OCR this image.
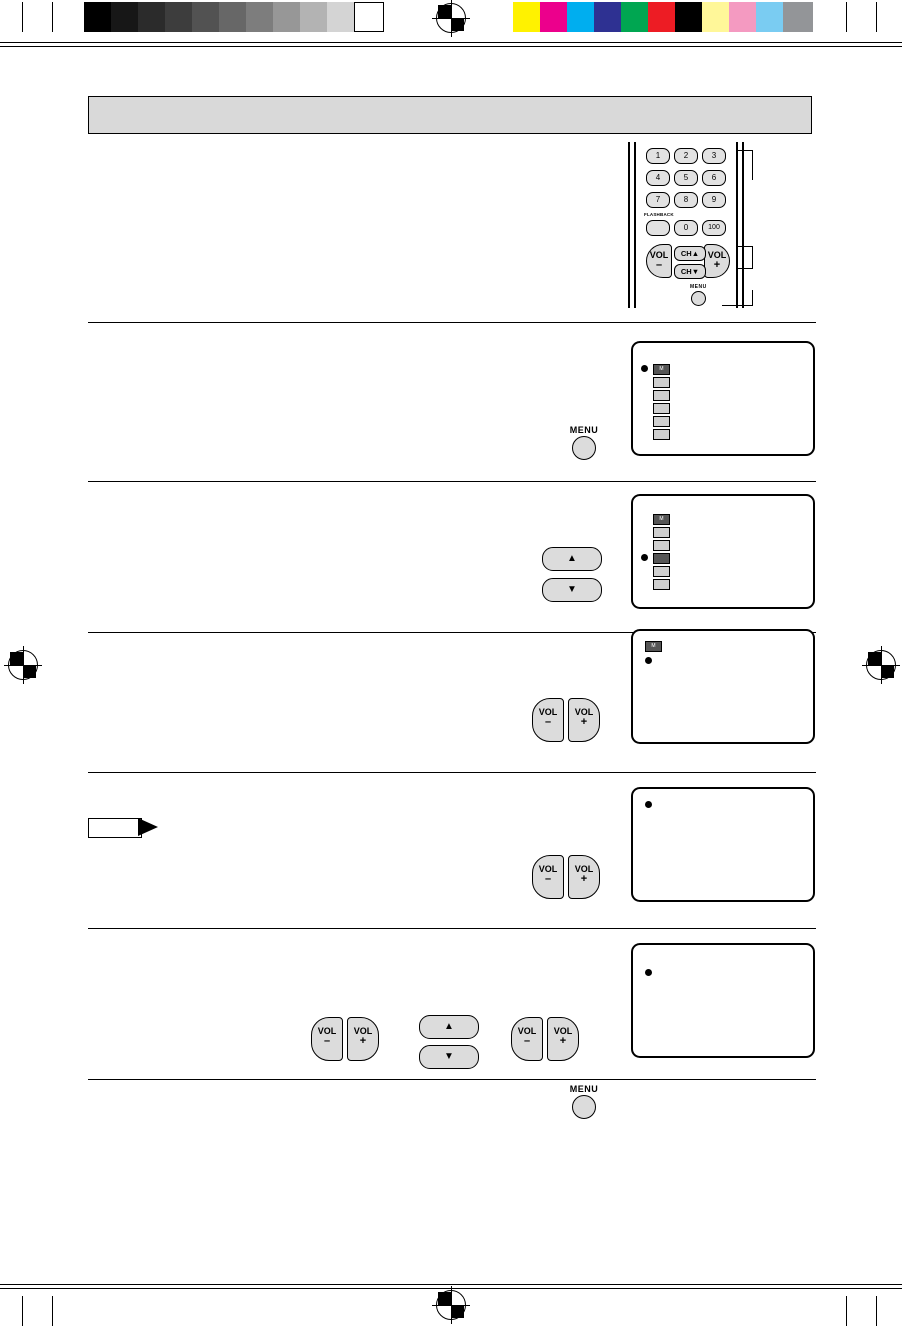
1	2	3
4	5	6
7	8	9
FLASHBACK
0	100
VOL
–
VOL
+
CH▲
CH▼
MENU
MENU
M
▲
▼
M
VOL
–
VOL
+
M
VOL
–
VOL
+
VOL
–
VOL
+
▲
▼
VOL
–
VOL
+
MENU
